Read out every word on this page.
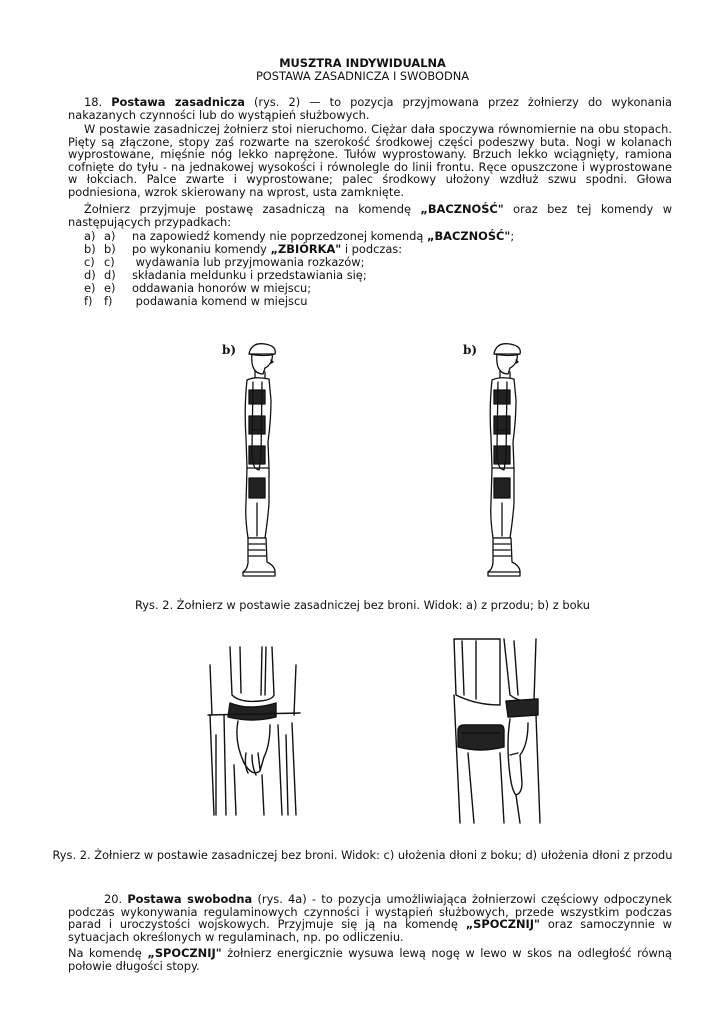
MUSZTRA INDYWIDUALNA
POSTAWA ZASADNICZA I SWOBODNA
18. Postawa zasadnicza (rys. 2) — to pozycja przyjmowana przez żołnierzy do wykonania nakazanych czynności lub do wystąpień służbowych.
W postawie zasadniczej żołnierz stoi nieruchomo. Ciężar dała spoczywa równomiernie na obu stopach. Pięty są złączone, stopy zaś rozwarte na szerokość środkowej części podeszwy buta. Nogi w kolanach wyprostowane, mięśnie nóg lekko naprężone. Tułów wyprostowany. Brzuch lekko wciągnięty, ramiona cofnięte do tyłu - na jednakowej wysokości i równolegle do linii frontu. Ręce opuszczone i wyprostowane w łokciach. Palce zwarte i wyprostowane; palec środkowy ułożony wzdłuż szwu spodni. Głowa podniesiona, wzrok skierowany na wprost, usta zamknięte.
Żołnierz przyjmuje postawę zasadniczą na komendę „BACZNOŚĆ" oraz bez tej komendy w następujących przypadkach:
a) a) na zapowiedź komendy nie poprzedzonej komendą „BACZNOŚĆ";
b) b) po wykonaniu komendy „ZBIÓRKA" i podczas:
c) c) wydawania lub przyjmowania rozkazów;
d) d) składania meldunku i przedstawiania się;
e) e) oddawania honorów w miejscu;
f) f) podawania komend w miejscu
b)	b)
Rys. 2. Żołnierz w postawie zasadniczej bez broni. Widok: a) z przodu; b) z boku
Rys. 2. Żołnierz w postawie zasadniczej bez broni. Widok: c) ułożenia dłoni z boku; d) ułożenia dłoni z przodu
20. Postawa swobodna (rys. 4a) - to pozycja umożliwiająca żołnierzowi częściowy odpoczynek podczas wykonywania regulaminowych czynności i wystąpień służbowych, przede wszystkim podczas parad i uroczystości wojskowych. Przyjmuje się ją na komendę „SPOCZNIJ" oraz samoczynnie w sytuacjach określonych w regulaminach, np. po odliczeniu.
Na komendę „SPOCZNIJ" żołnierz energicznie wysuwa lewą nogę w lewo w skos na odległość równą połowie długości stopy.
